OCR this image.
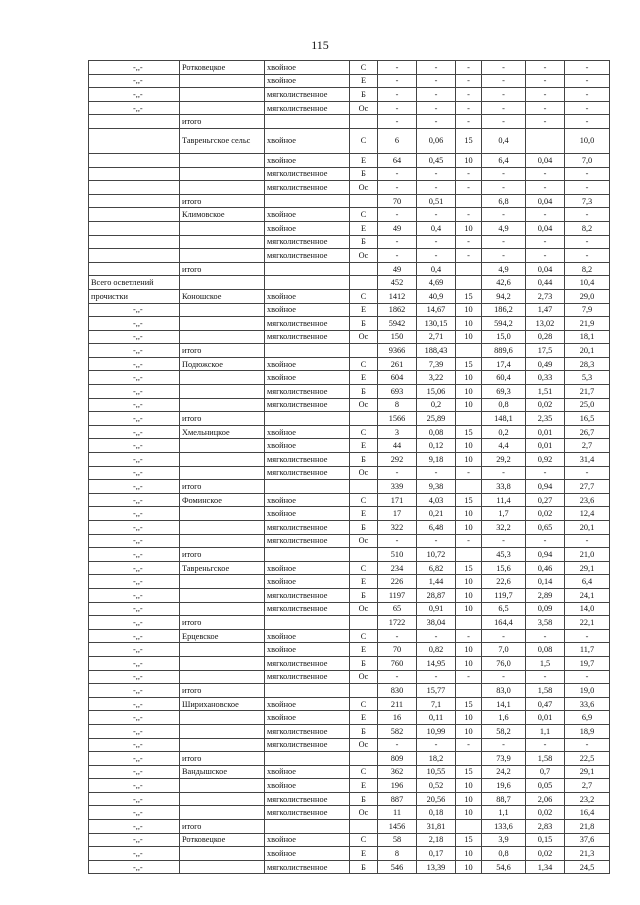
115
-,,-	Ротковецкое	хвойное	С	-	-	-	-	-	-
-,,-		хвойное	Е	-	-	-	-	-	-
-,,-		мягколиственное	Б	-	-	-	-	-	-
-,,-		мягколиственное	Ос	-	-	-	-	-	-
	итого			-	-	-	-	-	-
	Тавреньгское сельс	хвойное	С	6	0,06	15	0,4		10,0
		хвойное	Е	64	0,45	10	6,4	0,04	7,0
		мягколиственное	Б	-	-	-	-	-	-
		мягколиственное	Ос	-	-	-	-	-	-
	итого			70	0,51		6,8	0,04	7,3
	Климовское	хвойное	С	-	-	-	-	-	-
		хвойное	Е	49	0,4	10	4,9	0,04	8,2
		мягколиственное	Б	-	-	-	-	-	-
		мягколиственное	Ос	-	-	-	-	-	-
	итого			49	0,4		4,9	0,04	8,2
Всего осветлений				452	4,69		42,6	0,44	10,4
прочистки	Коношское	хвойное	С	1412	40,9	15	94,2	2,73	29,0
-,,-		хвойное	Е	1862	14,67	10	186,2	1,47	7,9
-,,-		мягколиственное	Б	5942	130,15	10	594,2	13,02	21,9
-,,-		мягколиственное	Ос	150	2,71	10	15,0	0,28	18,1
-,,-	итого			9366	188,43		889,6	17,5	20,1
-,,-	Подюжское	хвойное	С	261	7,39	15	17,4	0,49	28,3
-,,-		хвойное	Е	604	3,22	10	60,4	0,33	5,3
-,,-		мягколиственное	Б	693	15,06	10	69,3	1,51	21,7
-,,-		мягколиственное	Ос	8	0,2	10	0,8	0,02	25,0
-,,-	итого			1566	25,89		148,1	2,35	16,5
-,,-	Хмельницкое	хвойное	С	3	0,08	15	0,2	0,01	26,7
-,,-		хвойное	Е	44	0,12	10	4,4	0,01	2,7
-,,-		мягколиственное	Б	292	9,18	10	29,2	0,92	31,4
-,,-		мягколиственное	Ос	-	-	-	-	-	-
-,,-	итого			339	9,38		33,8	0,94	27,7
-,,-	Фоминское	хвойное	С	171	4,03	15	11,4	0,27	23,6
-,,-		хвойное	Е	17	0,21	10	1,7	0,02	12,4
-,,-		мягколиственное	Б	322	6,48	10	32,2	0,65	20,1
-,,-		мягколиственное	Ос	-	-	-	-	-	-
-,,-	итого			510	10,72		45,3	0,94	21,0
-,,-	Тавреньгское	хвойное	С	234	6,82	15	15,6	0,46	29,1
-,,-		хвойное	Е	226	1,44	10	22,6	0,14	6,4
-,,-		мягколиственное	Б	1197	28,87	10	119,7	2,89	24,1
-,,-		мягколиственное	Ос	65	0,91	10	6,5	0,09	14,0
-,,-	итого			1722	38,04		164,4	3,58	22,1
-,,-	Ерцевское	хвойное	С	-	-	-	-	-	-
-,,-		хвойное	Е	70	0,82	10	7,0	0,08	11,7
-,,-		мягколиственное	Б	760	14,95	10	76,0	1,5	19,7
-,,-		мягколиственное	Ос	-	-	-	-	-	-
-,,-	итого			830	15,77		83,0	1,58	19,0
-,,-	Шириханoвское	хвойное	С	211	7,1	15	14,1	0,47	33,6
-,,-		хвойное	Е	16	0,11	10	1,6	0,01	6,9
-,,-		мягколиственное	Б	582	10,99	10	58,2	1,1	18,9
-,,-		мягколиственное	Ос	-	-	-	-	-	-
-,,-	итого			809	18,2		73,9	1,58	22,5
-,,-	Вандышское	хвойное	С	362	10,55	15	24,2	0,7	29,1
-,,-		хвойное	Е	196	0,52	10	19,6	0,05	2,7
-,,-		мягколиственное	Б	887	20,56	10	88,7	2,06	23,2
-,,-		мягколиственное	Ос	11	0,18	10	1,1	0,02	16,4
-,,-	итого			1456	31,81		133,6	2,83	21,8
-,,-	Ротковецкое	хвойное	С	58	2,18	15	3,9	0,15	37,6
-,,-		хвойное	Е	8	0,17	10	0,8	0,02	21,3
-,,-		мягколиственное	Б	546	13,39	10	54,6	1,34	24,5
